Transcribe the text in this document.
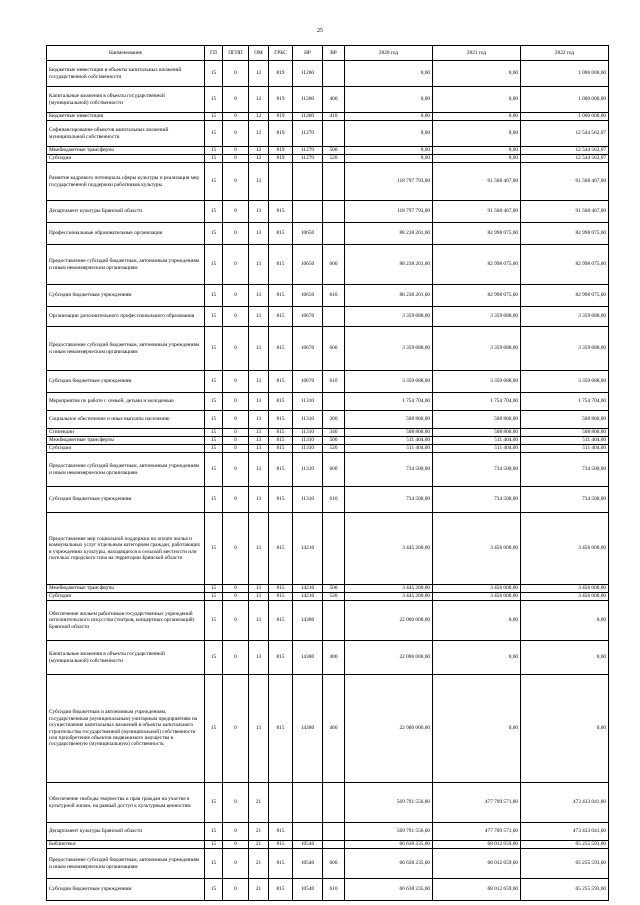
25
Наименование	ГП	ПГПП	ОМ	ГРБС	НР	ВР	2020 год	2021 год	2022 год
Бюджетные инвестиции в объекты капитальных вложений государственной собственности	15	0	12	819	11260		0,00	0,00	1 000 000,00
Капитальные вложения в объекты государственной (муниципальной) собственности	15	0	12	819	11260	400	0,00	0,00	1 000 000,00
Бюджетные инвестиции	15	0	12	819	11260	410	0,00	0,00	1 000 000,00
Софинансирование объектов капитальных вложений муниципальной собственности	15	0	12	819	11270		0,00	0,00	12 544 562,07
Межбюджетные трансферты	15	0	12	819	11270	500	0,00	0,00	12 544 562,07
Субсидии	15	0	12	819	11270	520	0,00	0,00	12 544 562,07
Развитие кадрового потенциала сферы культуры и реализация мер государственной поддержки работников культуры	15	0	13				118 797 793,00	91 568 467,00	91 568 467,00
Департамент культуры Брянской области	15	0	13	815			118 797 793,00	91 568 467,00	91 568 467,00
Профессиональные образовательные организации	15	0	13	815	10650		88 238 201,00	82 998 075,00	82 998 075,00
Предоставление субсидий бюджетным, автономным учреждениям и иным некоммерческим организациям	15	0	13	815	10650	600	88 238 201,00	82 998 075,00	82 998 075,00
Субсидии бюджетным учреждениям	15	0	13	815	10650	610	88 238 201,00	82 998 075,00	82 998 075,00
Организации дополнительного профессионального образования	15	0	13	815	10670		3 359 688,00	3 359 688,00	3 359 688,00
Предоставление субсидий бюджетным, автономным учреждениям и иным некоммерческим организациям	15	0	13	815	10670	600	3 359 688,00	3 359 688,00	3 359 688,00
Субсидии бюджетным учреждениям	15	0	13	815	10670	610	3 359 688,00	3 359 688,00	3 359 688,00
Мероприятия по работе с семьей, детьми и молодежью	15	0	13	815	11310		1 754 704,00	1 754 704,00	1 754 704,00
Социальное обеспечение и иные выплаты населению	15	0	13	815	11310	300	508 800,00	508 800,00	508 800,00
Стипендии	15	0	13	815	11310	340	508 800,00	508 800,00	508 800,00
Межбюджетные трансферты	15	0	13	815	11310	500	511 404,00	511 404,00	511 404,00
Субсидии	15	0	13	815	11310	520	511 404,00	511 404,00	511 404,00
Предоставление субсидий бюджетным, автономным учреждениям и иным некоммерческим организациям	15	0	13	815	11310	600	734 500,00	734 500,00	734 500,00
Субсидии бюджетным учреждениям	15	0	13	815	11310	610	734 500,00	734 500,00	734 500,00
Предоставление мер социальной поддержки по оплате жилья и коммунальных услуг отдельным категориям граждан, работающих в учреждениях культуры, находящихся в сельской местности или поселках городского типа на территории Брянской области	15	0	13	815	14210		3 445 200,00	3 456 000,00	3 456 000,00
Межбюджетные трансферты	15	0	13	815	14210	500	3 445 200,00	3 456 000,00	3 456 000,00
Субсидии	15	0	13	815	14210	530	3 445 200,00	3 456 000,00	3 456 000,00
Обеспечение жильем работников государственных учреждений исполнительского искусства (театров, концертных организаций) Брянской области	15	0	13	815	14380		22 000 000,00	0,00	0,00
Капитальные вложения в объекты государственной (муниципальной) собственности	15	0	13	815	14380	400	22 000 000,00	0,00	0,00
Субсидии бюджетным и автономным учреждениям, государственным (муниципальным) унитарным предприятиям на осуществление капитальных вложений в объекты капитального строительства государственной (муниципальной) собственности или приобретение объектов недвижимого имущества в государственную (муниципальную) собственность	15	0	13	815	14380	460	22 000 000,00	0,00	0,00
Обеспечение свободы творчества и прав граждан на участие в культурной жизни, на равный доступ к культурным ценностям	15	0	21				569 791 556,00	477 709 571,00	473 433 041,00
Департамент культуры Брянской области	15	0	21	815			569 791 556,00	477 709 571,00	473 433 041,00
Библиотеки	15	0	21	815	10540		66 638 235,00	68 012 659,00	65 255 593,00
Предоставление субсидий бюджетным, автономным учреждениям и иным некоммерческим организациям	15	0	21	815	10540	600	66 638 235,00	68 012 659,00	65 255 593,00
Субсидии бюджетным учреждениям	15	0	21	815	10540	610	66 638 235,00	68 012 659,00	65 255 593,00
